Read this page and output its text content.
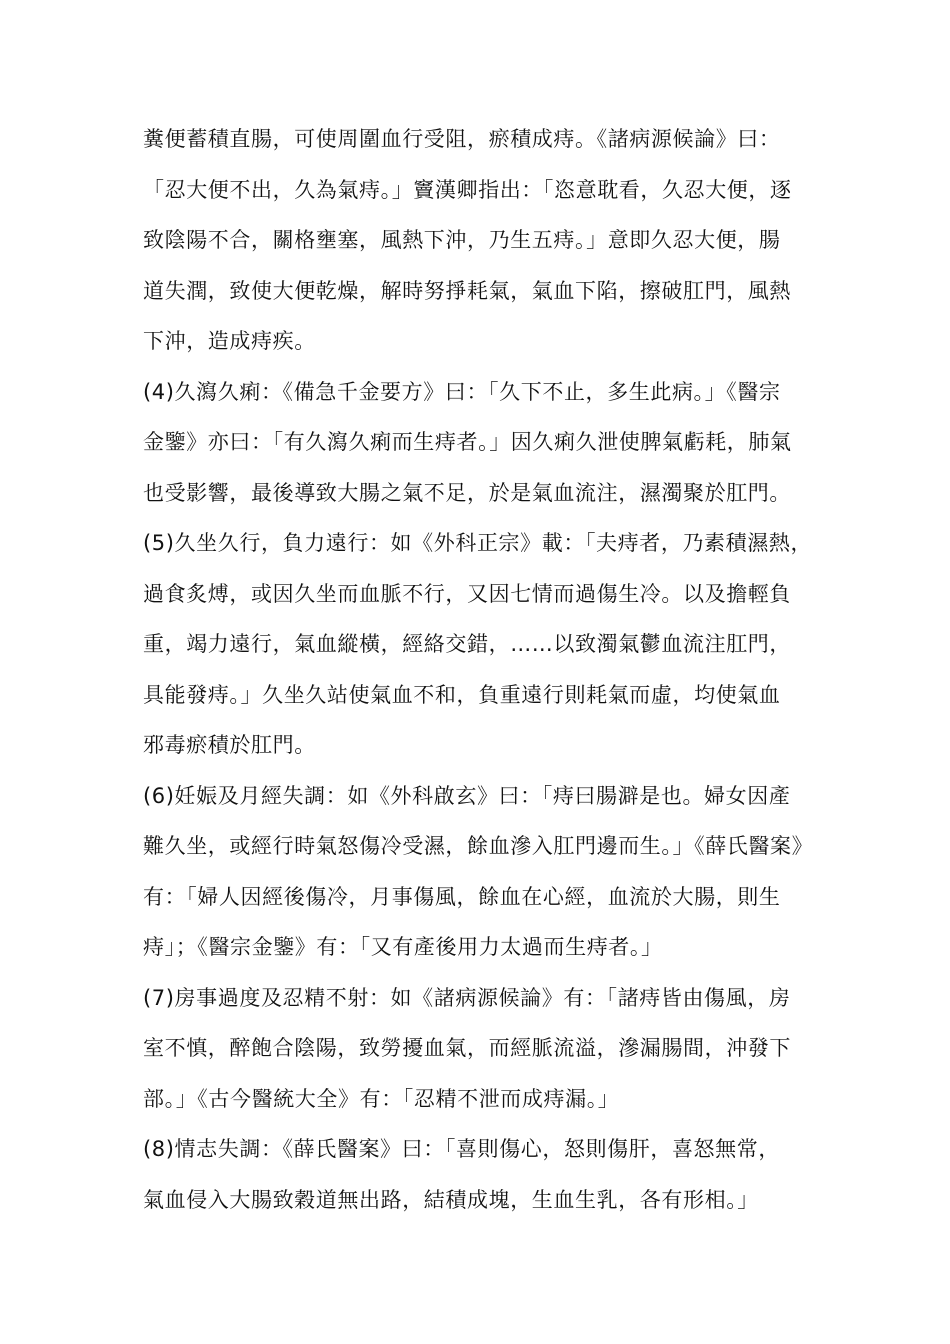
糞便蓄積直腸，可使周圍血行受阻，瘀積成痔。《諸病源候論》曰：
「忍大便不出，久為氣痔。」竇漢卿指出：「恣意耽看，久忍大便，逐
致陰陽不合，關格壅塞，風熱下沖，乃生五痔。」意即久忍大便，腸
道失潤，致使大便乾燥，解時努掙耗氣，氣血下陷，擦破肛門，風熱
下沖，造成痔疾。
(4)久瀉久痢：《備急千金要方》曰：「久下不止，多生此病。」《醫宗
金鑒》亦曰：「有久瀉久痢而生痔者。」因久痢久泄使脾氣虧耗，肺氣
也受影響，最後導致大腸之氣不足，於是氣血流注，濕濁聚於肛門。
(5)久坐久行，負力遠行：如《外科正宗》載：「夫痔者，乃素積濕熱，
過食炙煿，或因久坐而血脈不行，又因七情而過傷生冷。以及擔輕負
重，竭力遠行，氣血縱橫，經絡交錯，……以致濁氣鬱血流注肛門，
具能發痔。」久坐久站使氣血不和，負重遠行則耗氣而虛，均使氣血
邪毒瘀積於肛門。
(6)妊娠及月經失調：如《外科啟玄》曰：「痔曰腸澼是也。婦女因產
難久坐，或經行時氣怒傷冷受濕，餘血滲入肛門邊而生。」《薛氏醫案》
有：「婦人因經後傷冷，月事傷風，餘血在心經，血流於大腸，則生
痔」；《醫宗金鑒》有：「又有產後用力太過而生痔者。」
(7)房事過度及忍精不射：如《諸病源候論》有：「諸痔皆由傷風，房
室不慎，醉飽合陰陽，致勞擾血氣，而經脈流溢，滲漏腸間，沖發下
部。」《古今醫統大全》有：「忍精不泄而成痔漏。」
(8)情志失調：《薛氏醫案》曰：「喜則傷心，怒則傷肝，喜怒無常，
氣血侵入大腸致穀道無出路，結積成塊，生血生乳，各有形相。」
